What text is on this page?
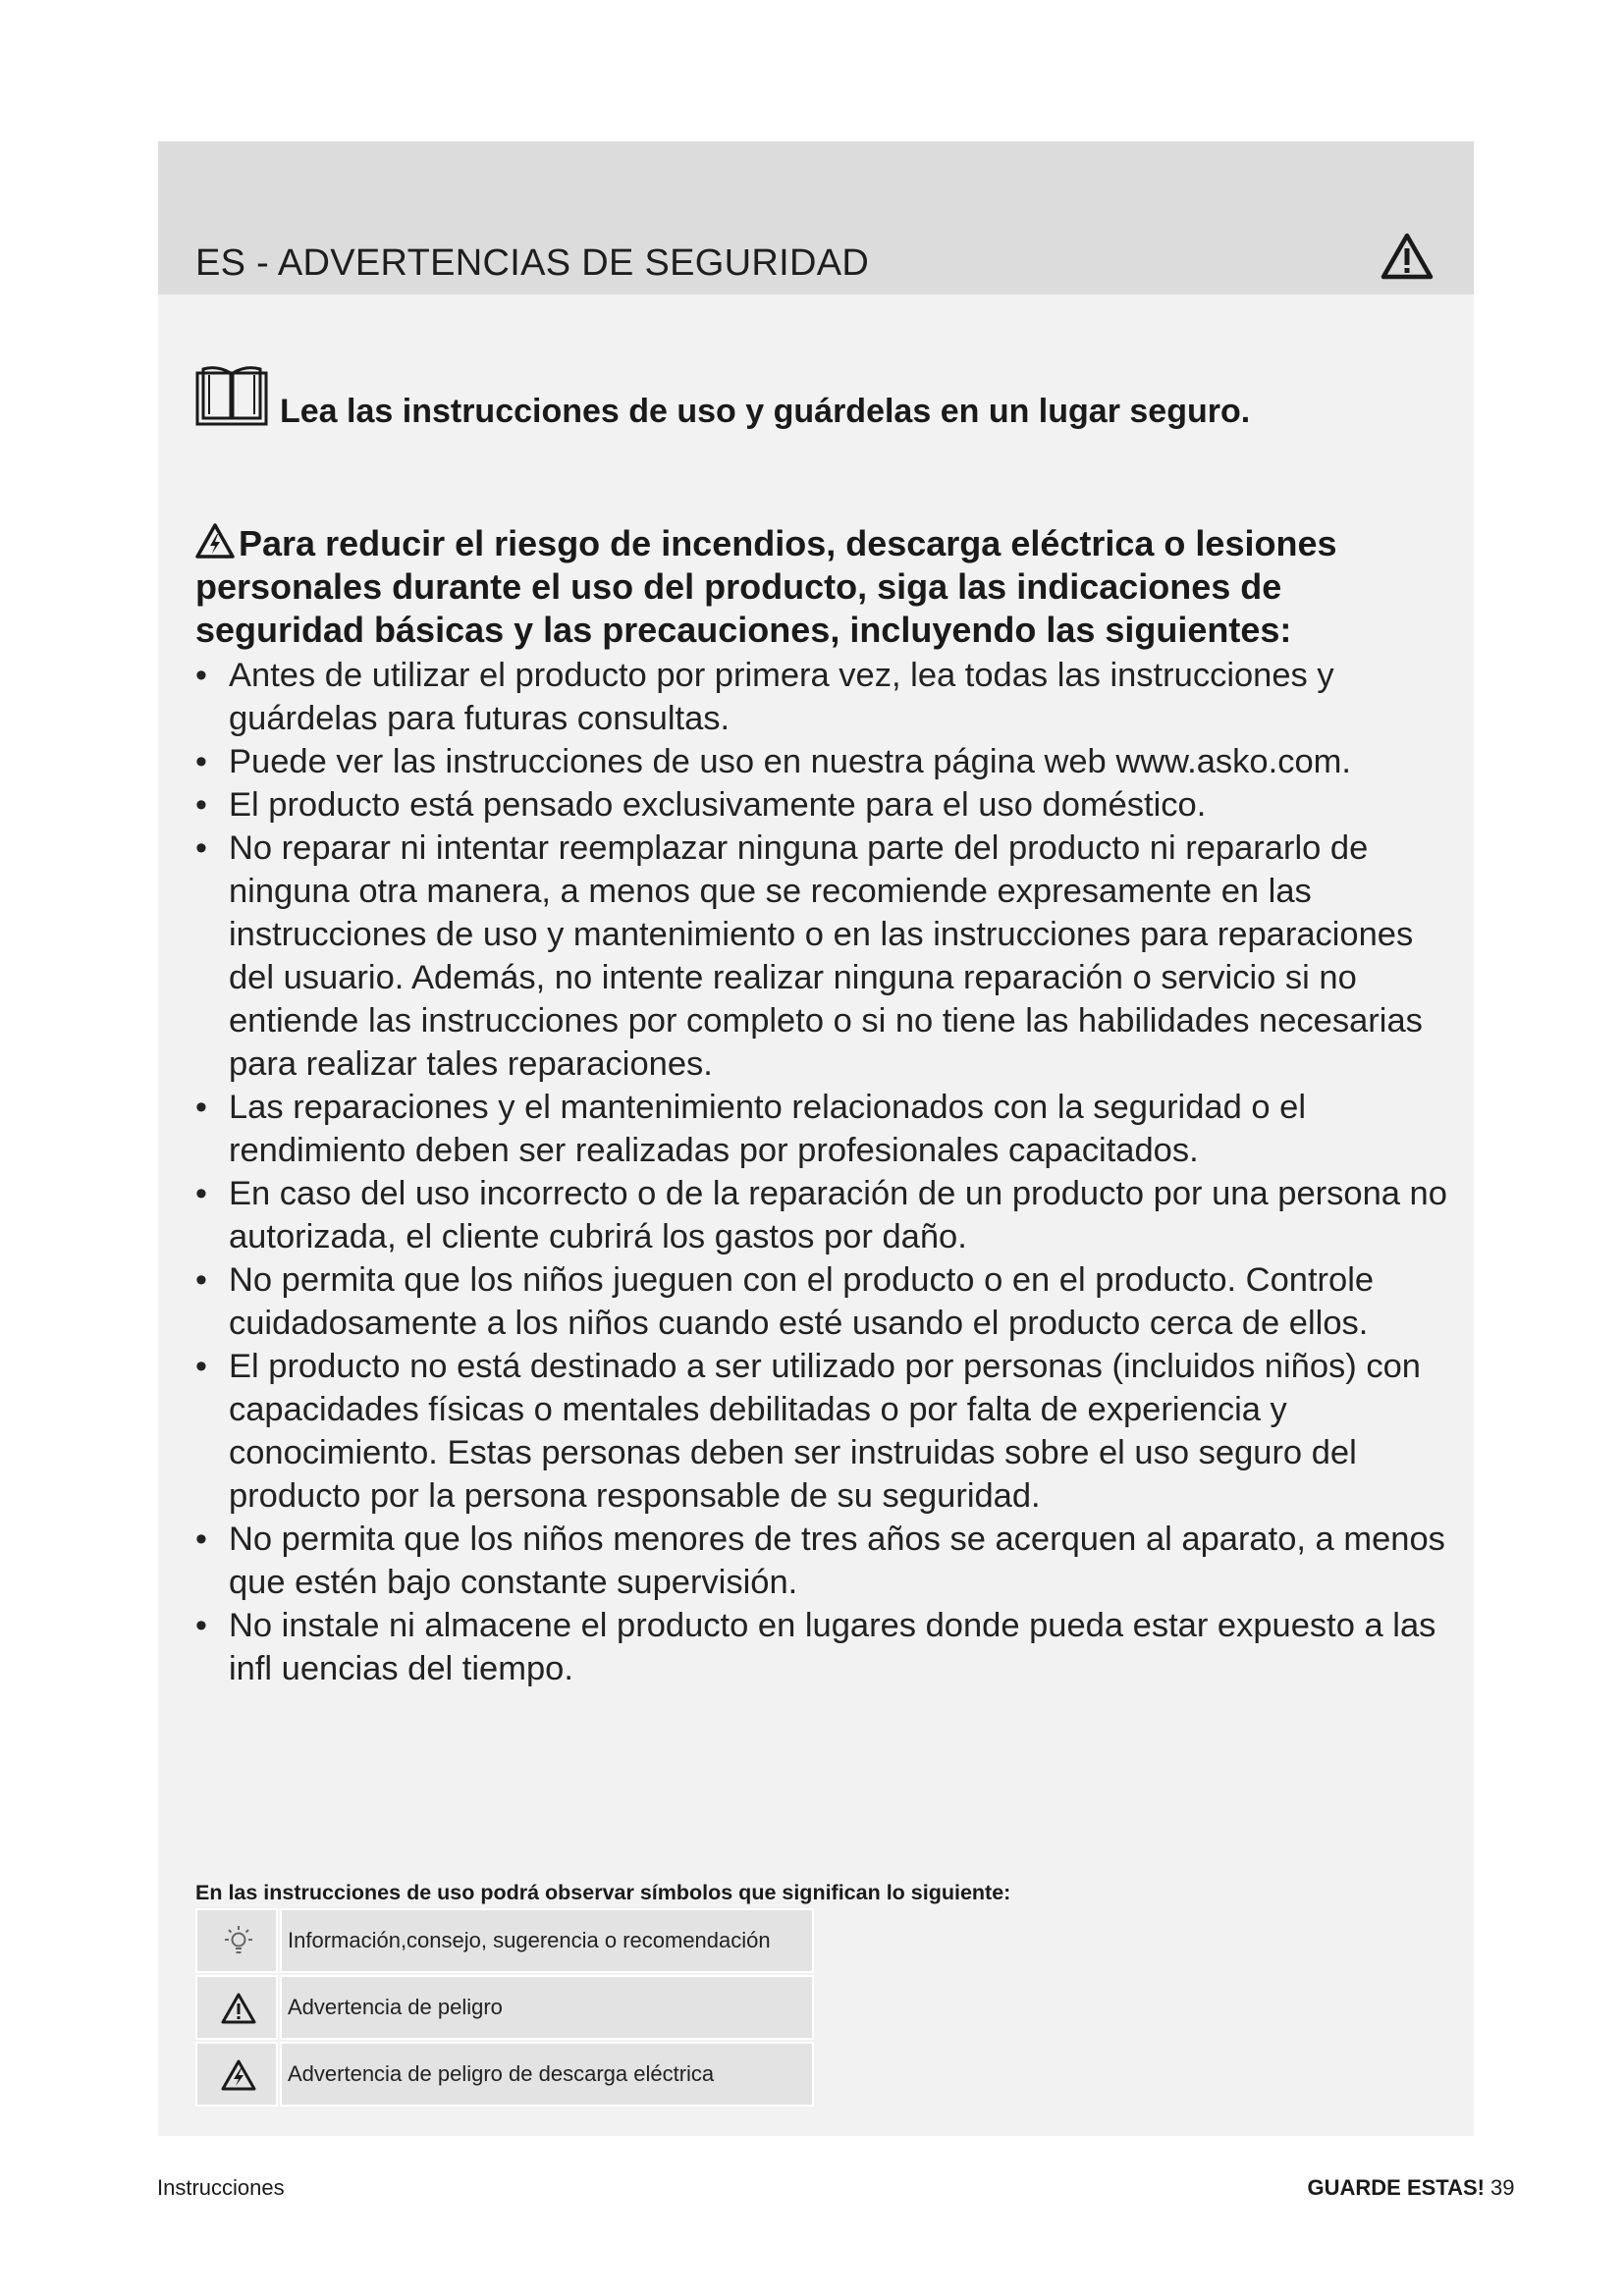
ES - ADVERTENCIAS DE SEGURIDAD
Lea las instrucciones de uso y guárdelas en un lugar seguro.
Para reducir el riesgo de incendios, descarga eléctrica o lesiones personales durante el uso del producto, siga las indicaciones de seguridad básicas y las precauciones, incluyendo las siguientes:
• Antes de utilizar el producto por primera vez, lea todas las instrucciones y guárdelas para futuras consultas.
• Puede ver las instrucciones de uso en nuestra página web www.asko.com.
• El producto está pensado exclusivamente para el uso doméstico.
• No reparar ni intentar reemplazar ninguna parte del producto ni repararlo de ninguna otra manera, a menos que se recomiende expresamente en las instrucciones de uso y mantenimiento o en las instrucciones para reparaciones del usuario. Además, no intente realizar ninguna reparación o servicio si no entiende las instrucciones por completo o si no tiene las habilidades necesarias para realizar tales reparaciones.
• Las reparaciones y el mantenimiento relacionados con la seguridad o el rendimiento deben ser realizadas por profesionales capacitados.
• En caso del uso incorrecto o de la reparación de un producto por una persona no autorizada, el cliente cubrirá los gastos por daño.
• No permita que los niños jueguen con el producto o en el producto. Controle cuidadosamente a los niños cuando esté usando el producto cerca de ellos.
• El producto no está destinado a ser utilizado por personas (incluidos niños) con capacidades físicas o mentales debilitadas o por falta de experiencia y conocimiento. Estas personas deben ser instruidas sobre el uso seguro del producto por la persona responsable de su seguridad.
• No permita que los niños menores de tres años se acerquen al aparato, a menos que estén bajo constante supervisión.
• No instale ni almacene el producto en lugares donde pueda estar expuesto a las infl uencias del tiempo.
En las instrucciones de uso podrá observar símbolos que significan lo siguiente:
Información,consejo, sugerencia o recomendación
Advertencia de peligro
Advertencia de peligro de descarga eléctrica
Instrucciones	GUARDE ESTAS! 39
